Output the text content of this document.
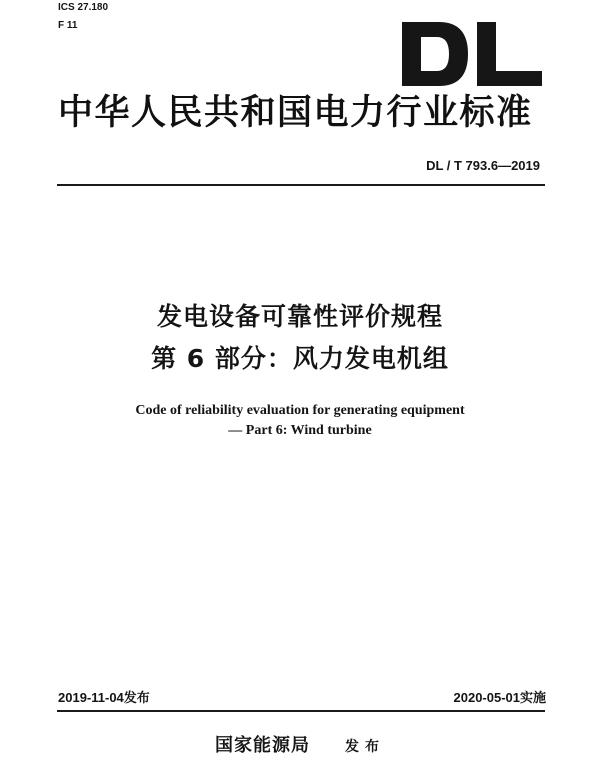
ICS 27.180
F 11
中华人民共和国电力行业标准
DL / T 793.6—2019
发电设备可靠性评价规程
第 6 部分：风力发电机组
Code of reliability evaluation for generating equipment
— Part 6: Wind turbine
2019-11-04发布	2020-05-01实施
国家能源局	发布
